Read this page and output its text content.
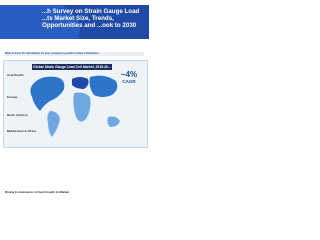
...h Survey on Strain Gauge Load ...ts Market Size, Trends, Opportunities and ...ook to 2030
Want to know the information for your company's growth in future? Download...
Global Strain Gauge Load Cell Market, 2019-20...
Asia Pacific
Europe
North America
Middle East & Africa
~4%
CAGR
Rising E-commerce to Fuel Growth in Market
